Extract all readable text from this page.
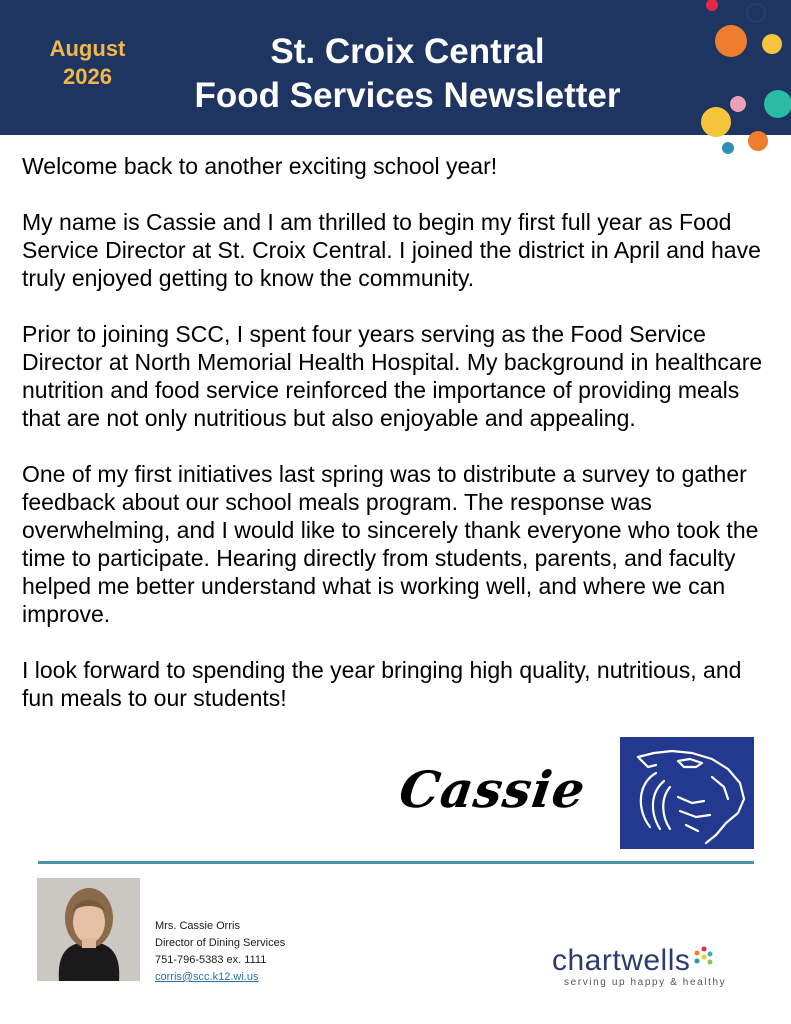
August
2026
St. Croix Central
Food Services Newsletter

Welcome back to another exciting school year!

My name is Cassie and I am thrilled to begin my first full year as Food Service Director at St. Croix Central. I joined the district in April and have truly enjoyed getting to know the community.

Prior to joining SCC, I spent four years serving as the Food Service Director at North Memorial Health Hospital. My background in healthcare nutrition and food service reinforced the importance of providing meals that are not only nutritious but also enjoyable and appealing.

One of my first initiatives last spring was to distribute a survey to gather feedback about our school meals program. The response was overwhelming, and I would like to sincerely thank everyone who took the time to participate. Hearing directly from students, parents, and faculty helped me better understand what is working well, and where we can improve.

I look forward to spending the year bringing high quality, nutritious, and fun meals to our students!

Cassie
Mrs. Cassie Orris
Director of Dining Services
751-796-5383 ex. 1111
corris@scc.k12.wi.us	chartwells
serving up happy & healthy
